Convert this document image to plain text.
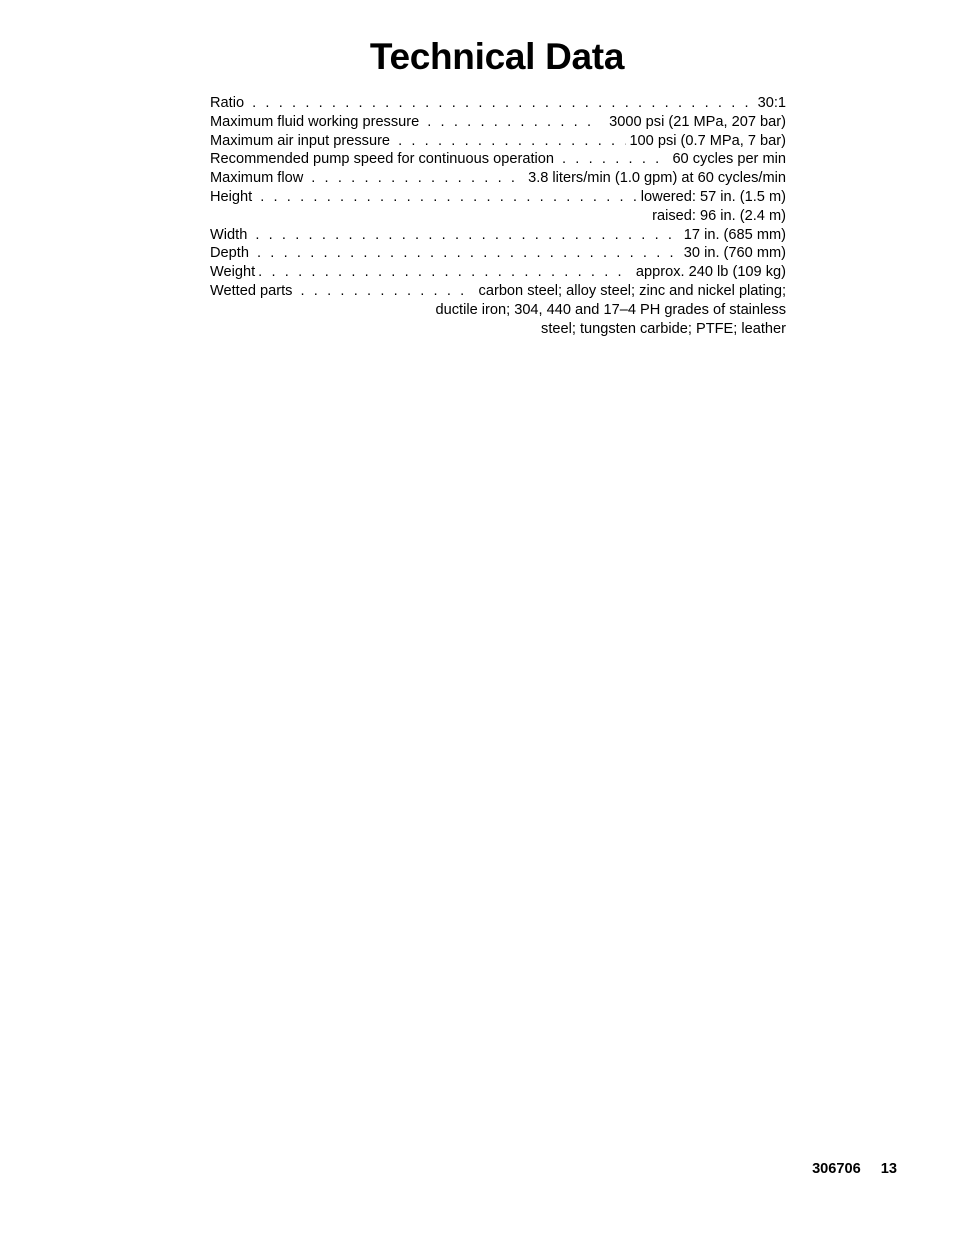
Technical Data
Ratio . . .	30:1
Maximum fluid working pressure . . .	3000 psi (21 MPa, 207 bar)
Maximum air input pressure . . .	100 psi (0.7 MPa, 7 bar)
Recommended pump speed for continuous operation . . .	60 cycles per min
Maximum flow . . .	3.8 liters/min (1.0 gpm) at 60 cycles/min
Height . . .	lowered: 57 in. (1.5 m)
raised: 96 in. (2.4 m)
Width . . .	17 in. (685 mm)
Depth . . .	30 in. (760 mm)
Weight . . .	approx. 240 lb (109 kg)
Wetted parts . . .	carbon steel; alloy steel; zinc and nickel plating;
ductile iron; 304, 440 and 17–4 PH grades of stainless
steel; tungsten carbide; PTFE; leather
306706 13
